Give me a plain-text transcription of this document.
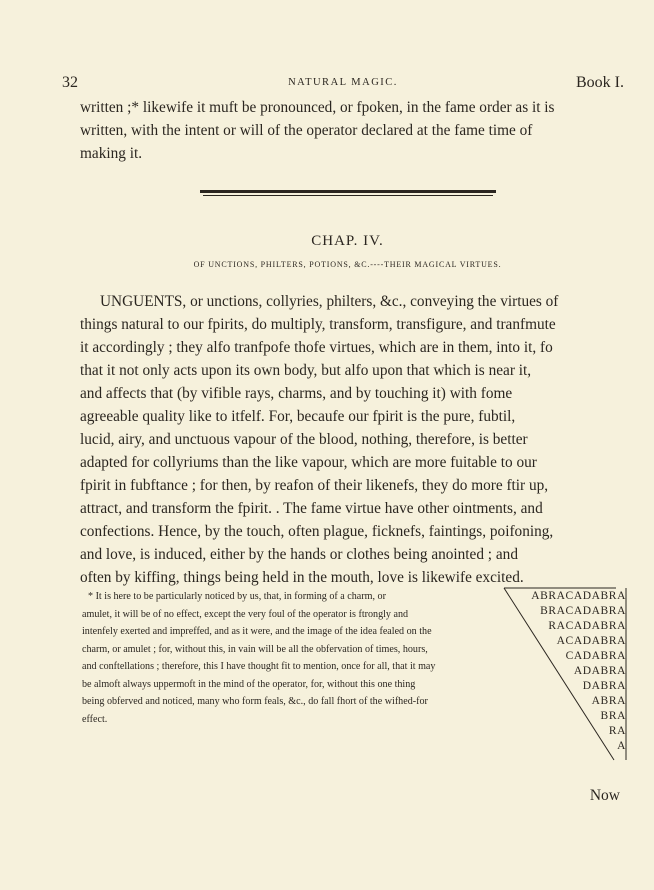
32	NATURAL MAGIC.	Book I.
written ;* likewife it muft be pronounced, or fpoken, in the fame order as it is
written, with the intent or will of the operator declared at the fame time of
making it.
CHAP. IV.
OF UNCTIONS, PHILTERS, POTIONS, &C.----THEIR MAGICAL VIRTUES.
UNGUENTS, or unctions, collyries, philters, &c., conveying the virtues of
things natural to our fpirits, do multiply, transform, transfigure, and tranfmute
it accordingly ; they alfo tranfpofe thofe virtues, which are in them, into it, fo
that it not only acts upon its own body, but alfo upon that which is near it,
and affects that (by vifible rays, charms, and by touching it) with fome
agreeable quality like to itfelf. For, becaufe our fpirit is the pure, fubtil,
lucid, airy, and unctuous vapour of the blood, nothing, therefore, is better
adapted for collyriums than the like vapour, which are more fuitable to our
fpirit in fubftance ; for then, by reafon of their likenefs, they do more ftir up,
attract, and transform the fpirit. . The fame virtue have other ointments, and
confections. Hence, by the touch, often plague, ficknefs, faintings, poifoning,
and love, is induced, either by the hands or clothes being anointed ; and
often by kiffing, things being held in the mouth, love is likewife excited.
* It is here to be particularly noticed by us, that, in forming of a charm, or
amulet, it will be of no effect, except the very foul of the operator is ftrongly and
intenfely exerted and impreffed, and as it were, and the image of the idea fealed on the
charm, or amulet ; for, without this, in vain will be all the obfervation of times, hours,
and conftellations ; therefore, this I have thought fit to mention, once for all, that it may
be almoft always uppermoft in the mind of the operator, for, without this one thing
being obferved and noticed, many who form feals, &c., do fall fhort of the wifhed-for
effect.
ABRACADABRA
BRACADABRA
RACADABRA
ACADABRA
CADABRA
ADABRA
DABRA
ABRA
BRA
RA
A
Now
